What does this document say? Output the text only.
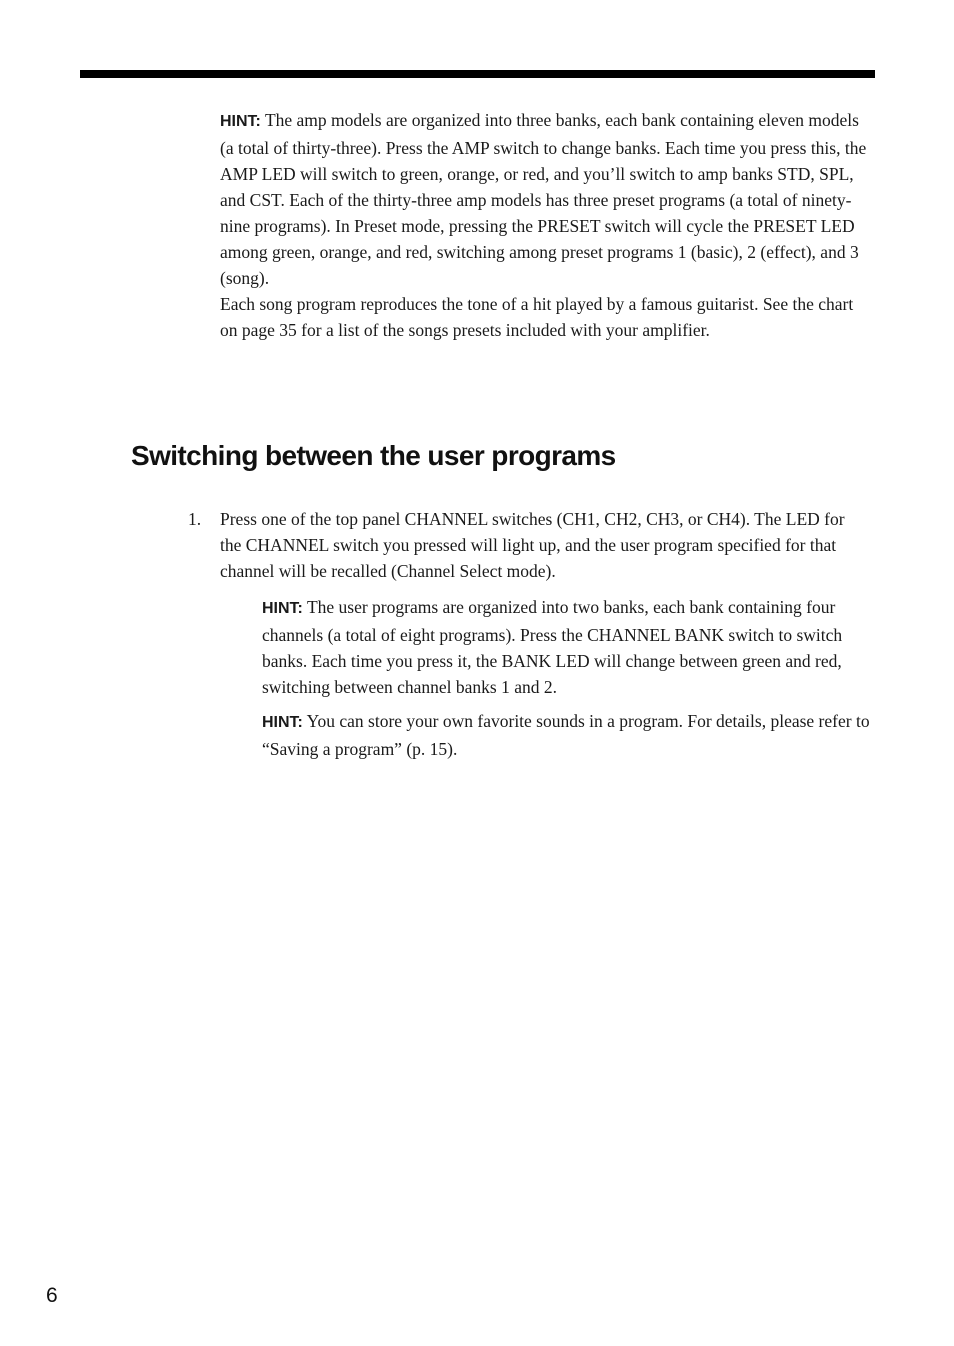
HINT: The amp models are organized into three banks, each bank containing eleven models (a total of thirty-three). Press the AMP switch to change banks. Each time you press this, the AMP LED will switch to green, orange, or red, and you’ll switch to amp banks STD, SPL, and CST. Each of the thirty-three amp models has three preset programs (a total of ninety-nine programs). In Preset mode, pressing the PRESET switch will cycle the PRESET LED among green, orange, and red, switching among preset programs 1 (basic), 2 (effect), and 3 (song).

Each song program reproduces the tone of a hit played by a famous guitarist. See the chart on page 35 for a list of the songs presets included with your amplifier.

Switching between the user programs
1. Press one of the top panel CHANNEL switches (CH1, CH2, CH3, or CH4). The LED for the CHANNEL switch you pressed will light up, and the user program specified for that channel will be recalled (Channel Select mode).

HINT: The user programs are organized into two banks, each bank containing four channels (a total of eight programs). Press the CHANNEL BANK switch to switch banks. Each time you press it, the BANK LED will change between green and red, switching between channel banks 1 and 2.

HINT: You can store your own favorite sounds in a program. For details, please refer to “Saving a program” (p. 15).

6
